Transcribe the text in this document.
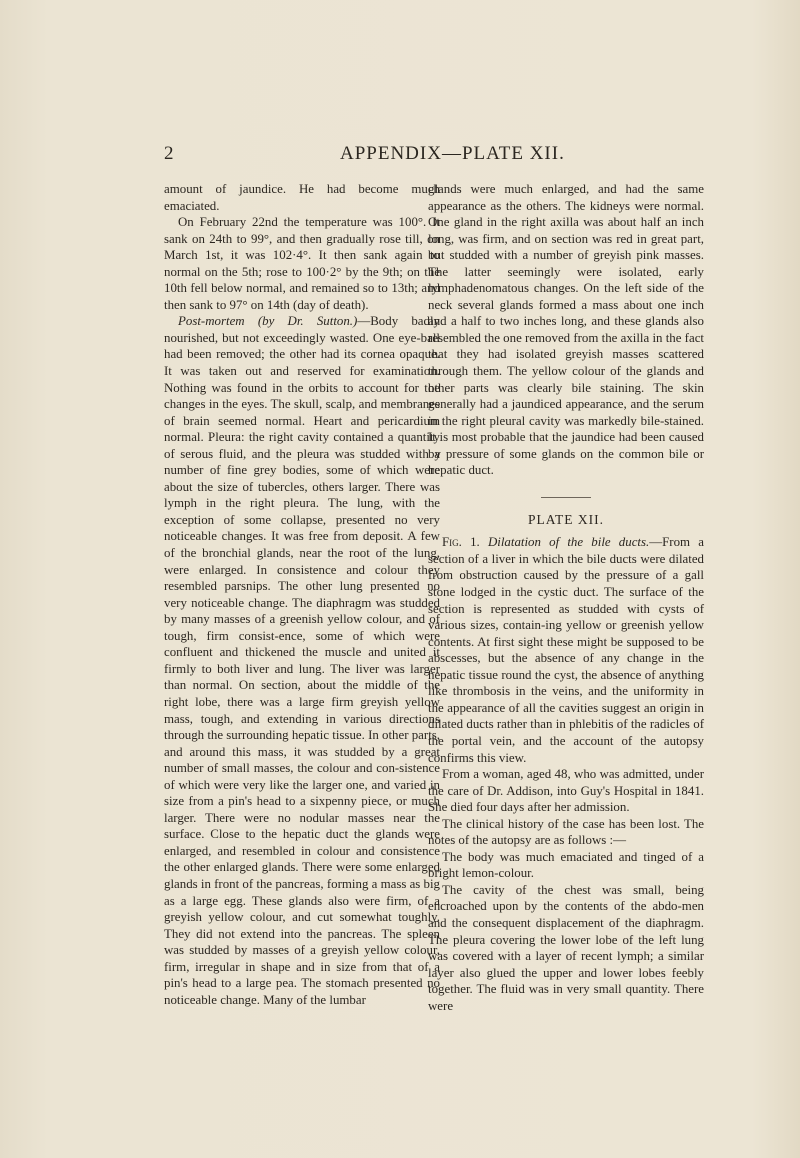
2	APPENDIX—PLATE XII.

amount of jaundice. He had become much emaciated.

On February 22nd the temperature was 100°. It sank on 24th to 99°, and then gradually rose till, on March 1st, it was 102·4°. It then sank again to normal on the 5th; rose to 100·2° by the 9th; on the 10th fell below normal, and remained so to 13th; and then sank to 97° on 14th (day of death).

Post-mortem (by Dr. Sutton.)—Body badly nourished, but not exceedingly wasted. One eye-ball had been removed; the other had its cornea opaque. It was taken out and reserved for examination. Nothing was found in the orbits to account for the changes in the eyes. The skull, scalp, and membranes of brain seemed normal. Heart and pericardium normal. Pleura: the right cavity contained a quantity of serous fluid, and the pleura was studded with a number of fine grey bodies, some of which were about the size of tubercles, others larger. There was lymph in the right pleura. The lung, with the exception of some collapse, presented no very noticeable changes. It was free from deposit. A few of the bronchial glands, near the root of the lung, were enlarged. In consistence and colour they resembled parsnips. The other lung presented no very noticeable change. The diaphragm was studded by many masses of a greenish yellow colour, and of tough, firm consist-ence, some of which were confluent and thickened the muscle and united it firmly to both liver and lung. The liver was larger than normal. On section, about the middle of the right lobe, there was a large firm greyish yellow mass, tough, and extending in various directions through the surrounding hepatic tissue. In other parts, and around this mass, it was studded by a great number of small masses, the colour and con-sistence of which were very like the larger one, and varied in size from a pin's head to a sixpenny piece, or much larger. There were no nodular masses near the surface. Close to the hepatic duct the glands were enlarged, and resembled in colour and consistence the other enlarged glands. There were some enlarged glands in front of the pancreas, forming a mass as big as a large egg. These glands also were firm, of a greyish yellow colour, and cut somewhat toughly. They did not extend into the pancreas. The spleen was studded by masses of a greyish yellow colour, firm, irregular in shape and in size from that of a pin's head to a large pea. The stomach presented no noticeable change. Many of the lumbar

glands were much enlarged, and had the same appearance as the others. The kidneys were normal. One gland in the right axilla was about half an inch long, was firm, and on section was red in great part, but studded with a number of greyish pink masses. The latter seemingly were isolated, early lymphadenomatous changes. On the left side of the neck several glands formed a mass about one inch and a half to two inches long, and these glands also resembled the one removed from the axilla in the fact that they had isolated greyish masses scattered through them. The yellow colour of the glands and other parts was clearly bile staining. The skin generally had a jaundiced appearance, and the serum in the right pleural cavity was markedly bile-stained. It is most probable that the jaundice had been caused by pressure of some glands on the common bile or hepatic duct.

PLATE XII.

Fig. 1. Dilatation of the bile ducts.—From a section of a liver in which the bile ducts were dilated from obstruction caused by the pressure of a gall stone lodged in the cystic duct. The surface of the section is represented as studded with cysts of various sizes, contain-ing yellow or greenish yellow contents. At first sight these might be supposed to be abscesses, but the absence of any change in the hepatic tissue round the cyst, the absence of anything like thrombosis in the veins, and the uniformity in the appearance of all the cavities suggest an origin in dilated ducts rather than in phlebitis of the radicles of the portal vein, and the account of the autopsy confirms this view.

From a woman, aged 48, who was admitted, under the care of Dr. Addison, into Guy's Hospital in 1841. She died four days after her admission.

The clinical history of the case has been lost. The notes of the autopsy are as follows :—

The body was much emaciated and tinged of a bright lemon-colour.

The cavity of the chest was small, being encroached upon by the contents of the abdo-men and the consequent displacement of the diaphragm. The pleura covering the lower lobe of the left lung was covered with a layer of recent lymph; a similar layer also glued the upper and lower lobes feebly together. The fluid was in very small quantity. There were
